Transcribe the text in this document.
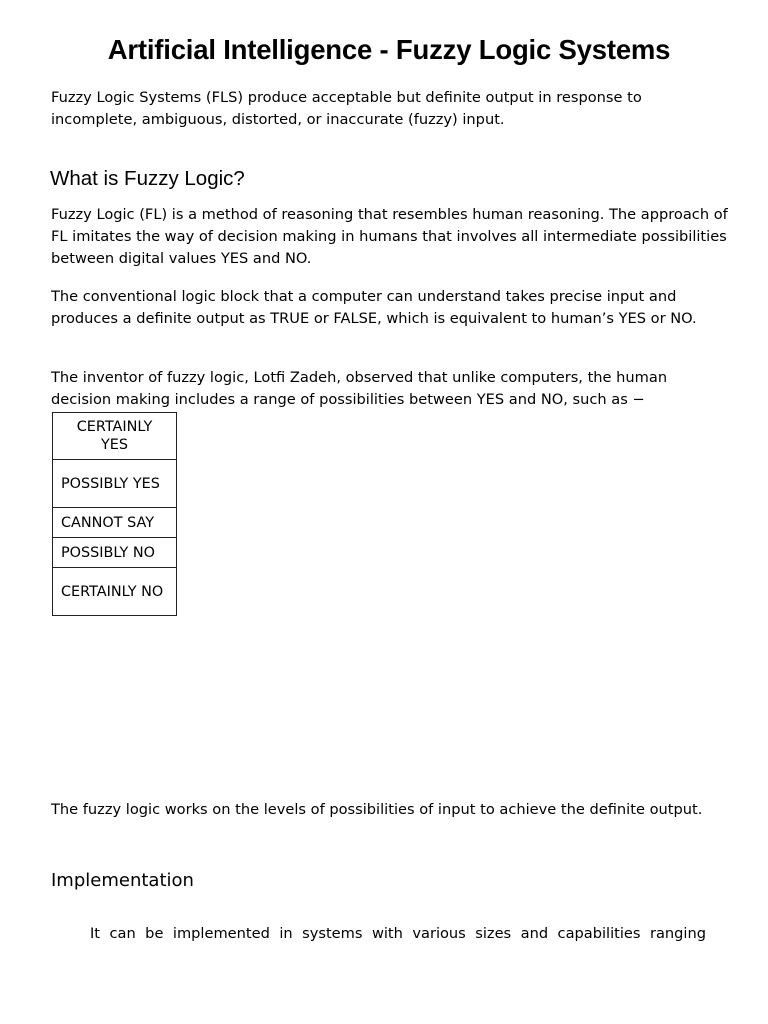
Artificial Intelligence - Fuzzy Logic Systems

Fuzzy Logic Systems (FLS) produce acceptable but definite output in response to incomplete, ambiguous, distorted, or inaccurate (fuzzy) input.

What is Fuzzy Logic?

Fuzzy Logic (FL) is a method of reasoning that resembles human reasoning. The approach of FL imitates the way of decision making in humans that involves all intermediate possibilities between digital values YES and NO.

The conventional logic block that a computer can understand takes precise input and produces a definite output as TRUE or FALSE, which is equivalent to human’s YES or NO.

The inventor of fuzzy logic, Lotfi Zadeh, observed that unlike computers, the human decision making includes a range of possibilities between YES and NO, such as −

CERTAINLY YES
POSSIBLY YES
CANNOT SAY
POSSIBLY NO
CERTAINLY NO

The fuzzy logic works on the levels of possibilities of input to achieve the definite output.

Implementation

It can be implemented in systems with various sizes and capabilities ranging
